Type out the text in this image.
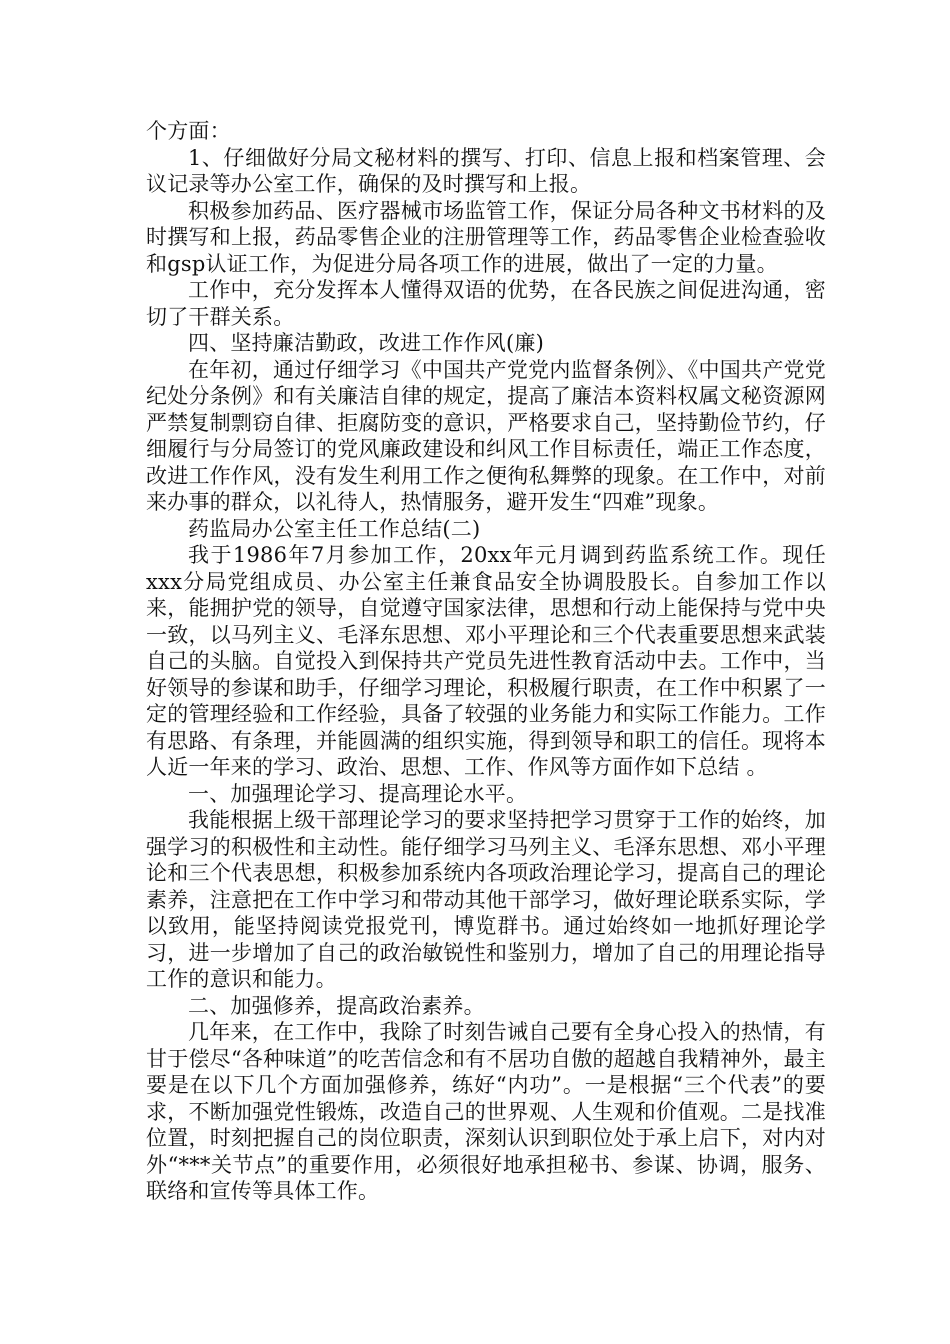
个方面：

1、仔细做好分局文秘材料的撰写、打印、信息上报和档案管理、会议记录等办公室工作，确保的及时撰写和上报。

积极参加药品、医疗器械市场监管工作，保证分局各种文书材料的及时撰写和上报，药品零售企业的注册管理等工作，药品零售企业检查验收和gsp认证工作，为促进分局各项工作的进展，做出了一定的力量。

工作中，充分发挥本人懂得双语的优势，在各民族之间促进沟通，密切了干群关系。

四、坚持廉洁勤政，改进工作作风(廉)

在年初，通过仔细学习《中国共产党党内监督条例》、《中国共产党党纪处分条例》和有关廉洁自律的规定，提高了廉洁本资料权属文秘资源网严禁复制剽窃自律、拒腐防变的意识，严格要求自己，坚持勤俭节约，仔细履行与分局签订的党风廉政建设和纠风工作目标责任，端正工作态度，改进工作作风，没有发生利用工作之便徇私舞弊的现象。在工作中，对前来办事的群众，以礼待人，热情服务，避开发生“四难”现象。

药监局办公室主任工作总结(二)

我于1986年7月参加工作，20xx年元月调到药监系统工作。现任xxx分局党组成员、办公室主任兼食品安全协调股股长。自参加工作以来，能拥护党的领导，自觉遵守国家法律，思想和行动上能保持与党中央一致，以马列主义、毛泽东思想、邓小平理论和三个代表重要思想来武装自己的头脑。自觉投入到保持共产党员先进性教育活动中去。工作中，当好领导的参谋和助手，仔细学习理论，积极履行职责，在工作中积累了一定的管理经验和工作经验，具备了较强的业务能力和实际工作能力。工作有思路、有条理，并能圆满的组织实施，得到领导和职工的信任。现将本人近一年来的学习、政治、思想、工作、作风等方面作如下总结 。

一、加强理论学习、提高理论水平。

我能根据上级干部理论学习的要求坚持把学习贯穿于工作的始终，加强学习的积极性和主动性。能仔细学习马列主义、毛泽东思想、邓小平理论和三个代表思想，积极参加系统内各项政治理论学习，提高自己的理论素养，注意把在工作中学习和带动其他干部学习，做好理论联系实际，学以致用，能坚持阅读党报党刊，博览群书。通过始终如一地抓好理论学习，进一步增加了自己的政治敏锐性和鉴别力，增加了自己的用理论指导工作的意识和能力。

二、加强修养，提高政治素养。

几年来，在工作中，我除了时刻告诫自己要有全身心投入的热情，有甘于偿尽“各种味道”的吃苦信念和有不居功自傲的超越自我精神外，最主要是在以下几个方面加强修养，练好“内功”。一是根据“三个代表”的要求，不断加强党性锻炼，改造自己的世界观、人生观和价值观。二是找准位置，时刻把握自己的岗位职责，深刻认识到职位处于承上启下，对内对外“***关节点”的重要作用，必须很好地承担秘书、参谋、协调，服务、联络和宣传等具体工作。
